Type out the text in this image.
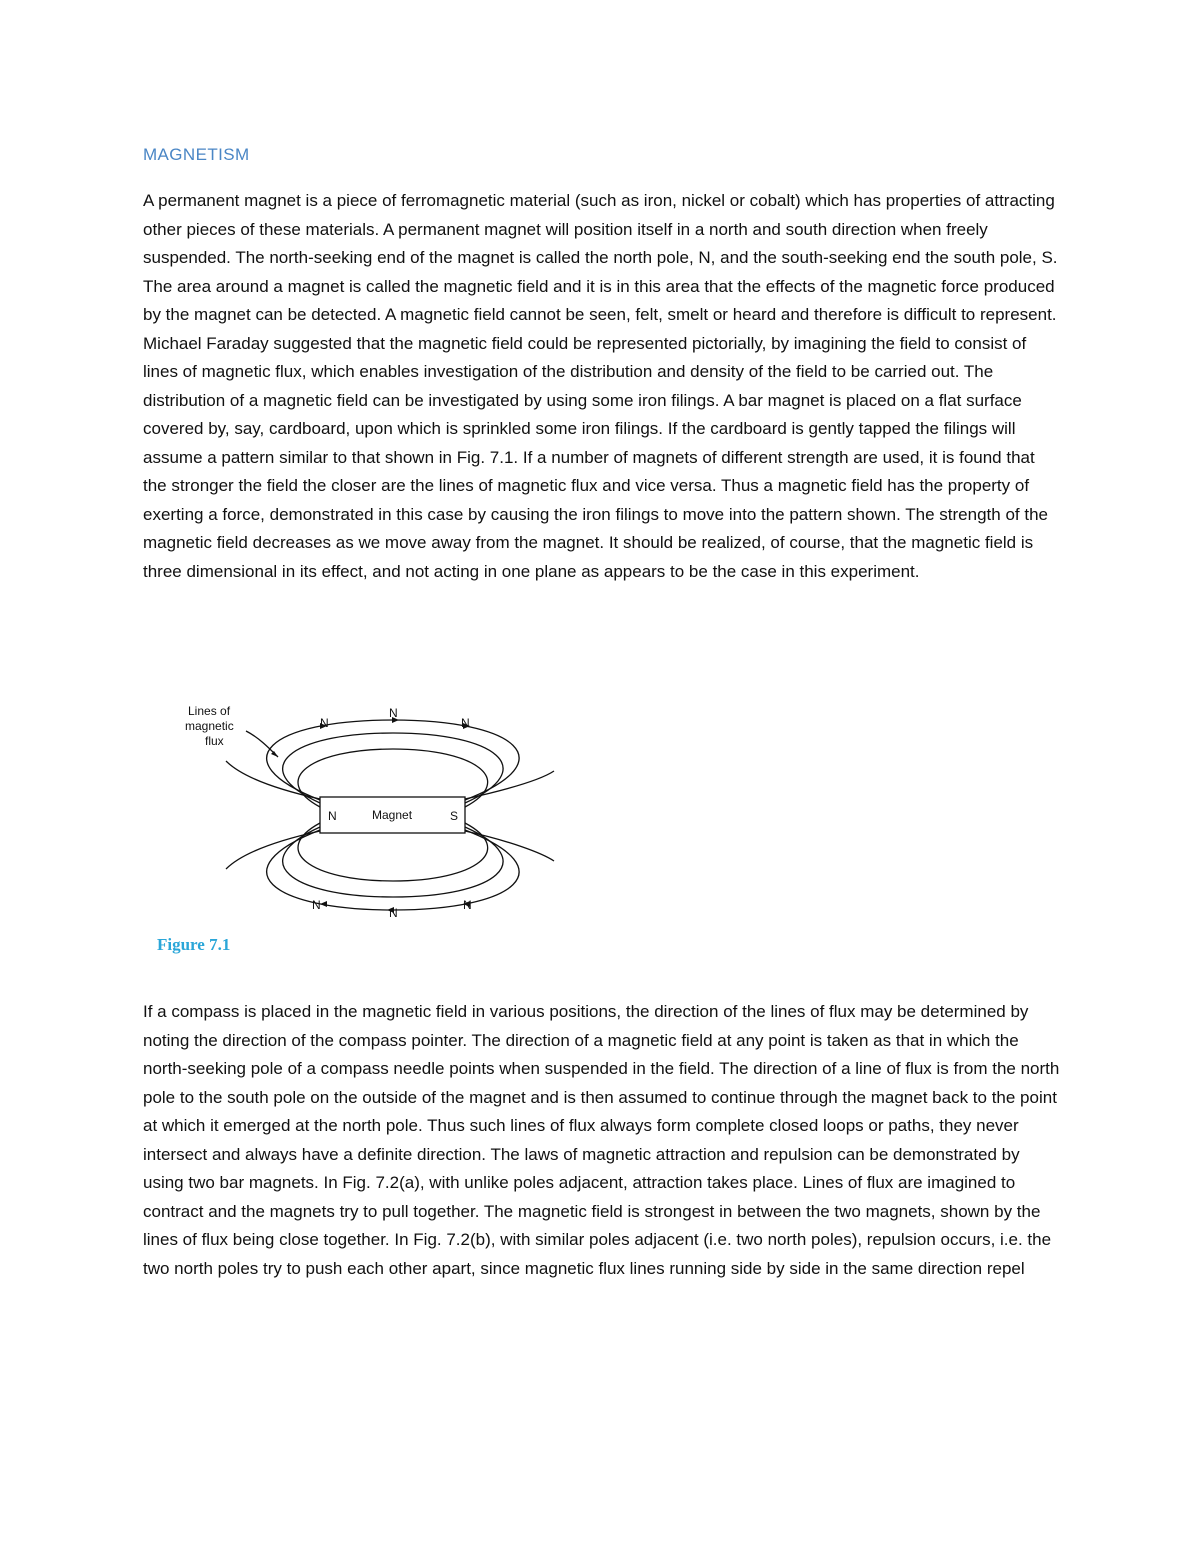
MAGNETISM

A permanent magnet is a piece of ferromagnetic material (such as iron, nickel or cobalt) which has properties of attracting other pieces of these materials. A permanent magnet will position itself in a north and south direction when freely suspended. The north-seeking end of the magnet is called the north pole, N, and the south-seeking end the south pole, S. The area around a magnet is called the magnetic field and it is in this area that the effects of the magnetic force produced by the magnet can be detected. A magnetic field cannot be seen, felt, smelt or heard and therefore is difficult to represent. Michael Faraday suggested that the magnetic field could be represented pictorially, by imagining the field to consist of lines of magnetic flux, which enables investigation of the distribution and density of the field to be carried out. The distribution of a magnetic field can be investigated by using some iron filings. A bar magnet is placed on a flat surface covered by, say, cardboard, upon which is sprinkled some iron filings. If the cardboard is gently tapped the filings will assume a pattern similar to that shown in Fig. 7.1. If a number of magnets of different strength are used, it is found that the stronger the field the closer are the lines of magnetic flux and vice versa. Thus a magnetic field has the property of exerting a force, demonstrated in this case by causing the iron filings to move into the pattern shown. The strength of the magnetic field decreases as we move away from the magnet. It should be realized, of course, that the magnetic field is three dimensional in its effect, and not acting in one plane as appears to be the case in this experiment.

Lines of
magnetic
flux
N
N
N
N	Magnet	S
N
N
N

Figure 7.1

If a compass is placed in the magnetic field in various positions, the direction of the lines of flux may be determined by noting the direction of the compass pointer. The direction of a magnetic field at any point is taken as that in which the north-seeking pole of a compass needle points when suspended in the field. The direction of a line of flux is from the north pole to the south pole on the outside of the magnet and is then assumed to continue through the magnet back to the point at which it emerged at the north pole. Thus such lines of flux always form complete closed loops or paths, they never intersect and always have a definite direction. The laws of magnetic attraction and repulsion can be demonstrated by using two bar magnets. In Fig. 7.2(a), with unlike poles adjacent, attraction takes place. Lines of flux are imagined to contract and the magnets try to pull together. The magnetic field is strongest in between the two magnets, shown by the lines of flux being close together. In Fig. 7.2(b), with similar poles adjacent (i.e. two north poles), repulsion occurs, i.e. the two north poles try to push each other apart, since magnetic flux lines running side by side in the same direction repel
